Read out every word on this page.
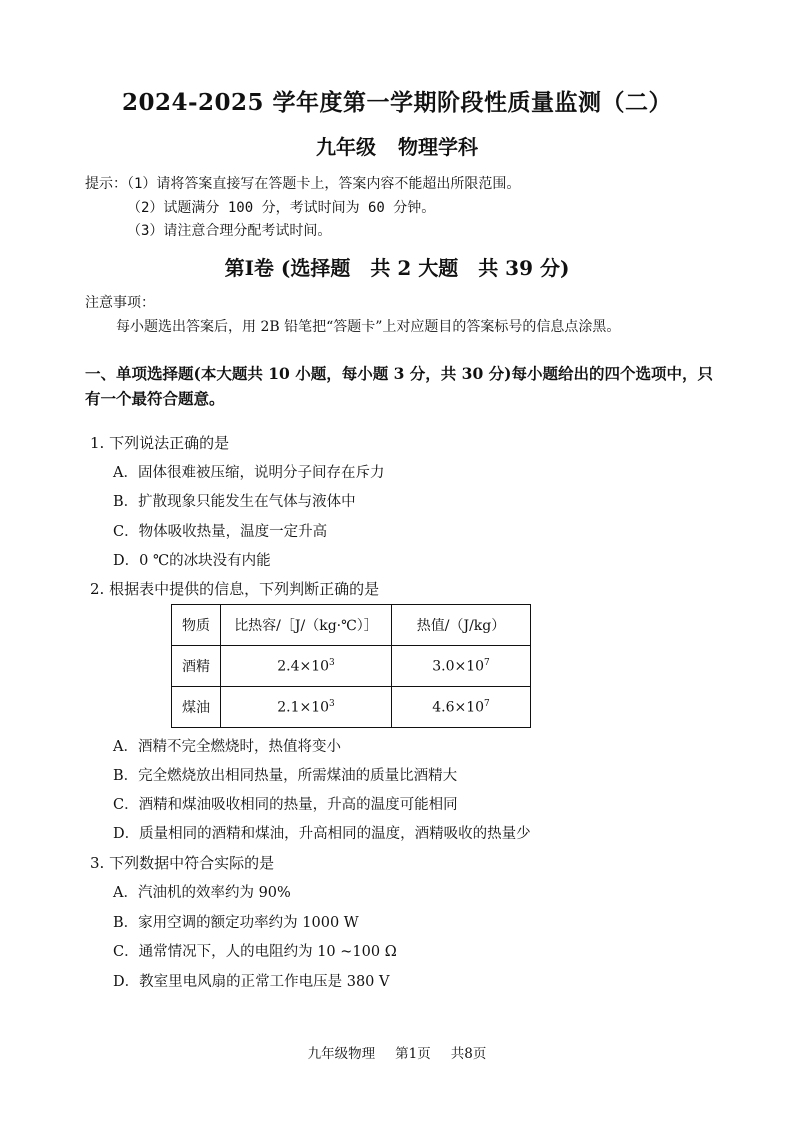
2024-2025 学年度第一学期阶段性质量监测（二）
九年级 物理学科
提示：（1）请将答案直接写在答题卡上，答案内容不能超出所限范围。
（2）试题满分 100 分，考试时间为 60 分钟。
（3）请注意合理分配考试时间。
第Ⅰ卷 (选择题　共 2 大题　共 39 分)
注意事项：
每小题选出答案后，用 2B 铅笔把“答题卡”上对应题目的答案标号的信息点涂黑。
一、单项选择题(本大题共 10 小题，每小题 3 分，共 30 分)每小题给出的四个选项中，只有一个最符合题意。
1. 下列说法正确的是
A．固体很难被压缩，说明分子间存在斥力
B．扩散现象只能发生在气体与液体中
C．物体吸收热量，温度一定升高
D．0 ℃的冰块没有内能
2. 根据表中提供的信息，下列判断正确的是
物质	比热容/［J/（kg·℃）］	热值/（J/kg）
酒精	$2.4\times 10^3$	$3.0\times 10^7$
煤油	$2.1\times 10^3$	$4.6\times 10^7$
A．酒精不完全燃烧时，热值将变小
B．完全燃烧放出相同热量，所需煤油的质量比酒精大
C．酒精和煤油吸收相同的热量，升高的温度可能相同
D．质量相同的酒精和煤油，升高相同的温度，酒精吸收的热量少
3. 下列数据中符合实际的是
A．汽油机的效率约为 90%
B．家用空调的额定功率约为 1000 W
C．通常情况下，人的电阻约为 10 ~100 Ω
D．教室里电风扇的正常工作电压是 380 V
九年级物理 第1页 共8页
